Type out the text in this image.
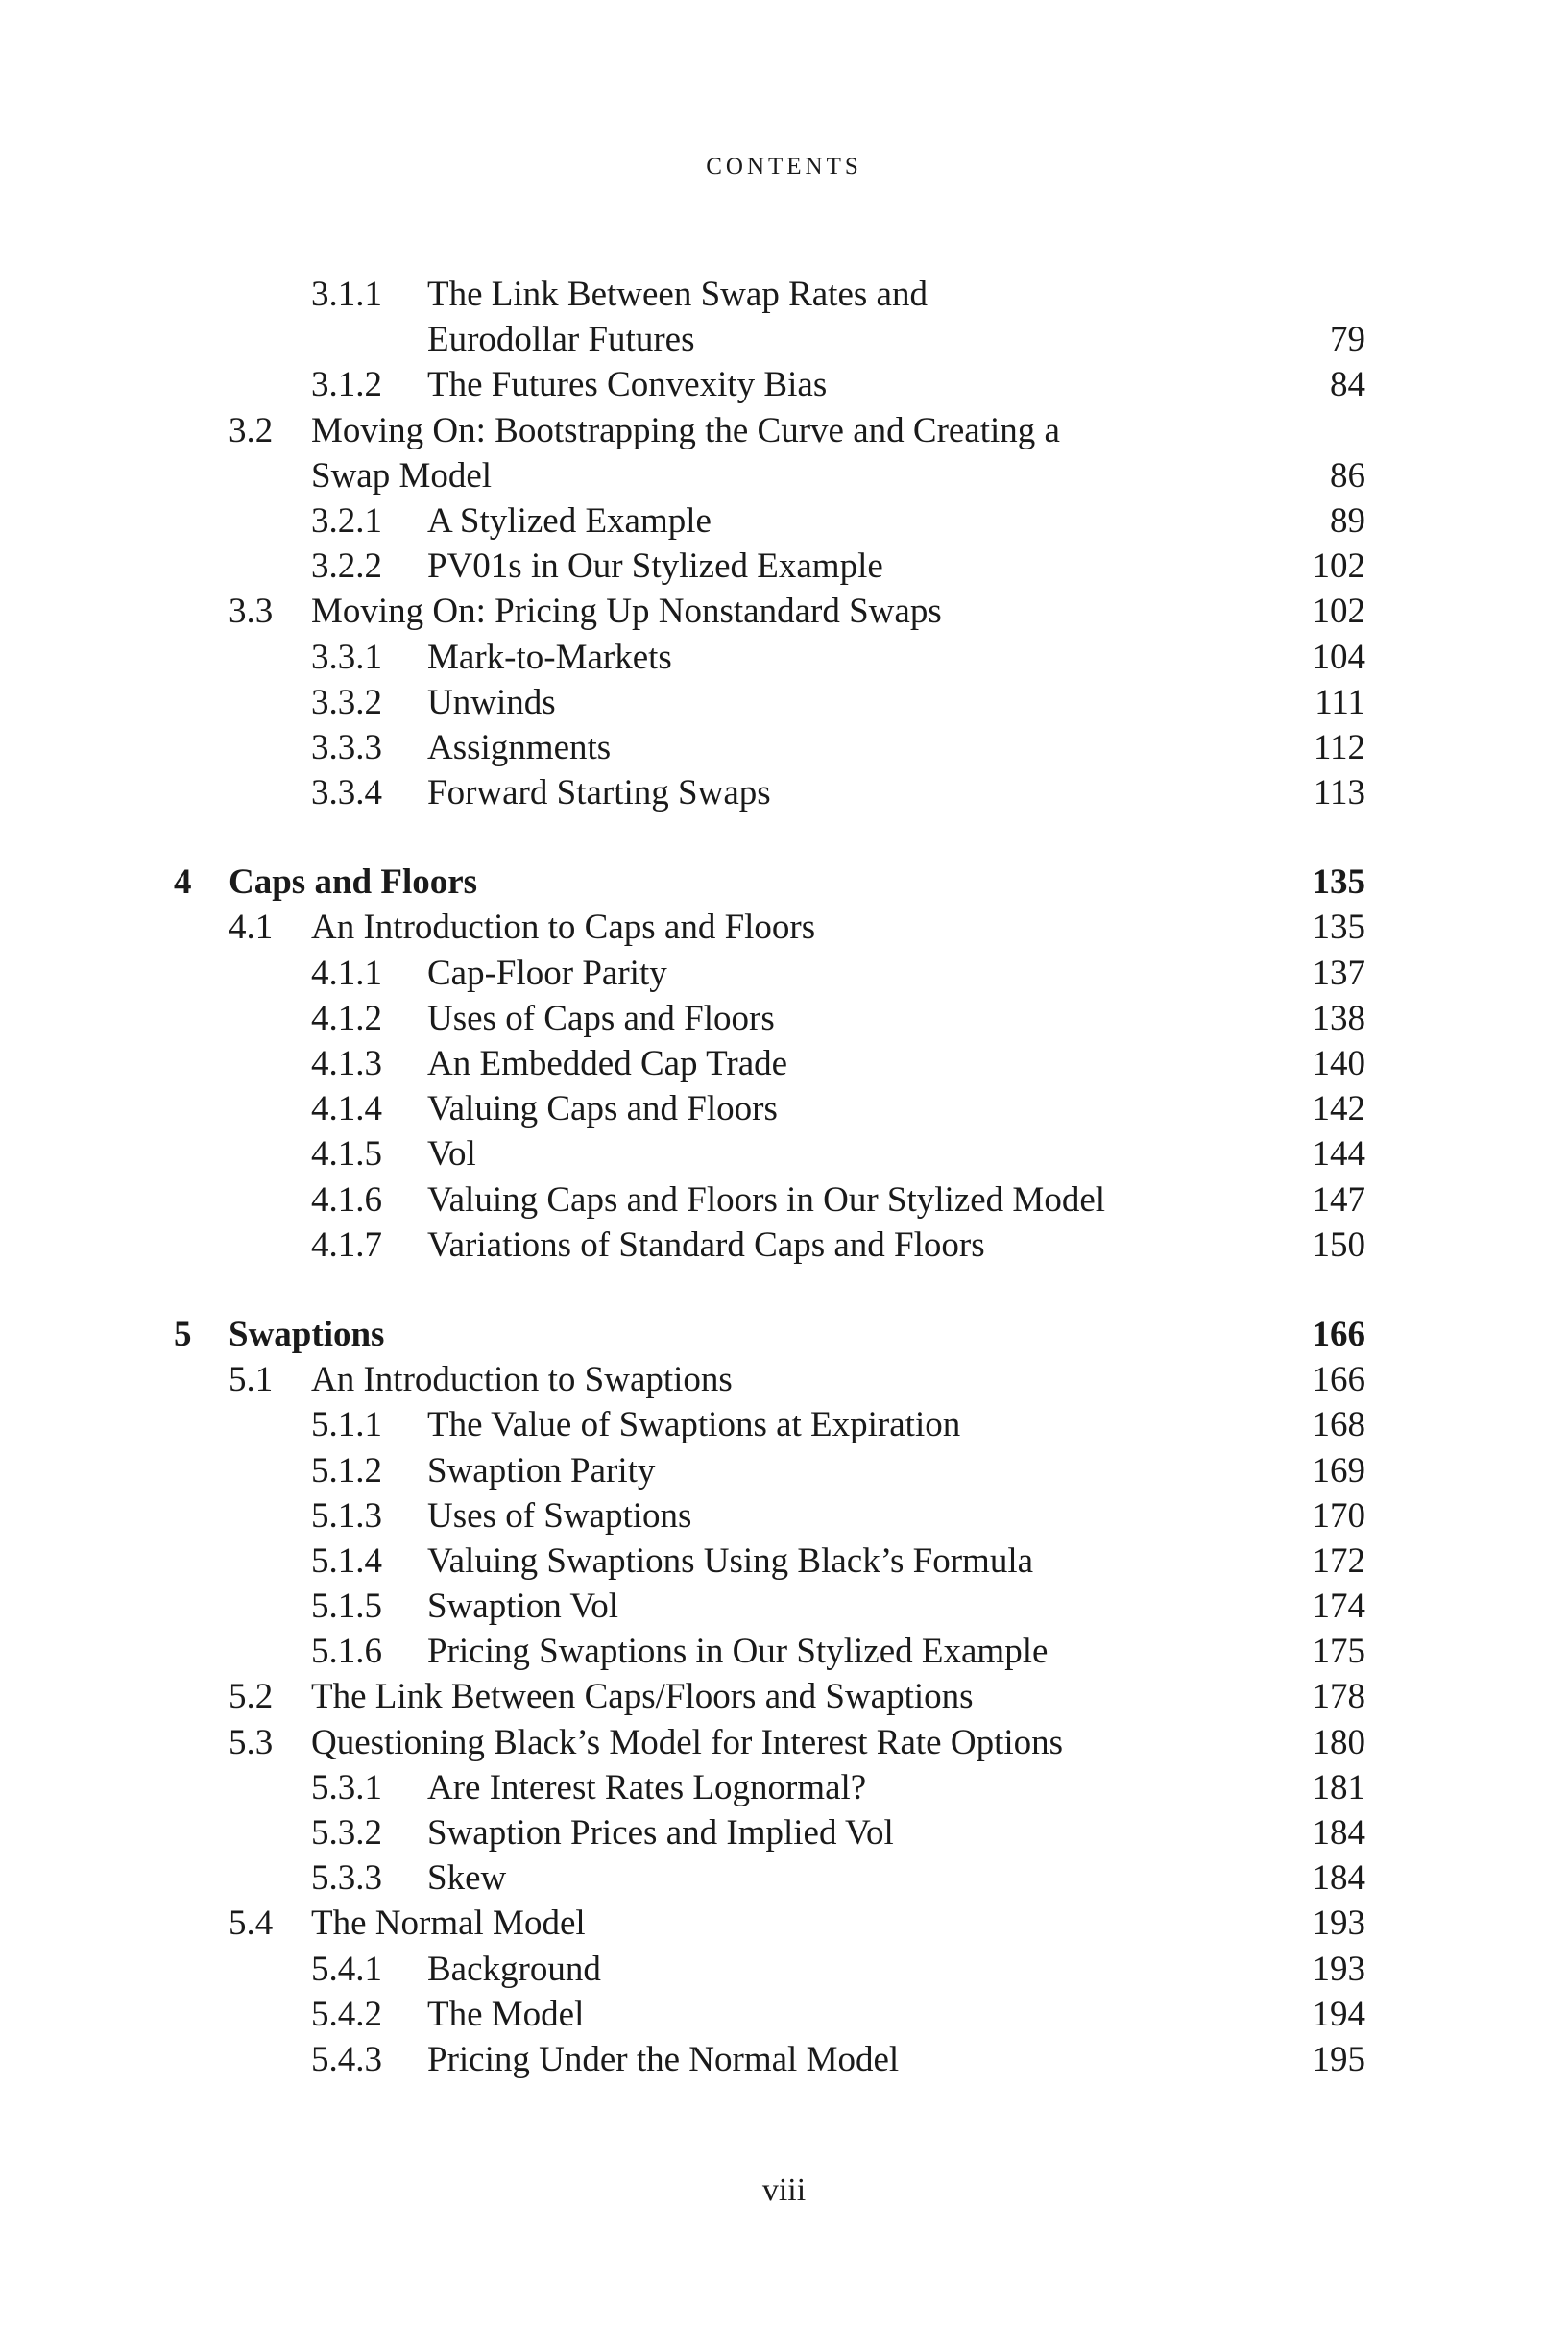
CONTENTS
3.1.1 The Link Between Swap Rates and
Eurodollar Futures	79
3.1.2 The Futures Convexity Bias	84
3.2 Moving On: Bootstrapping the Curve and Creating a
Swap Model	86
3.2.1 A Stylized Example	89
3.2.2 PV01s in Our Stylized Example	102
3.3 Moving On: Pricing Up Nonstandard Swaps	102
3.3.1 Mark-to-Markets	104
3.3.2 Unwinds	111
3.3.3 Assignments	112
3.3.4 Forward Starting Swaps	113
4 Caps and Floors	135
4.1 An Introduction to Caps and Floors	135
4.1.1 Cap-Floor Parity	137
4.1.2 Uses of Caps and Floors	138
4.1.3 An Embedded Cap Trade	140
4.1.4 Valuing Caps and Floors	142
4.1.5 Vol	144
4.1.6 Valuing Caps and Floors in Our Stylized Model	147
4.1.7 Variations of Standard Caps and Floors	150
5 Swaptions	166
5.1 An Introduction to Swaptions	166
5.1.1 The Value of Swaptions at Expiration	168
5.1.2 Swaption Parity	169
5.1.3 Uses of Swaptions	170
5.1.4 Valuing Swaptions Using Black’s Formula	172
5.1.5 Swaption Vol	174
5.1.6 Pricing Swaptions in Our Stylized Example	175
5.2 The Link Between Caps/Floors and Swaptions	178
5.3 Questioning Black’s Model for Interest Rate Options	180
5.3.1 Are Interest Rates Lognormal?	181
5.3.2 Swaption Prices and Implied Vol	184
5.3.3 Skew	184
5.4 The Normal Model	193
5.4.1 Background	193
5.4.2 The Model	194
5.4.3 Pricing Under the Normal Model	195
viii
